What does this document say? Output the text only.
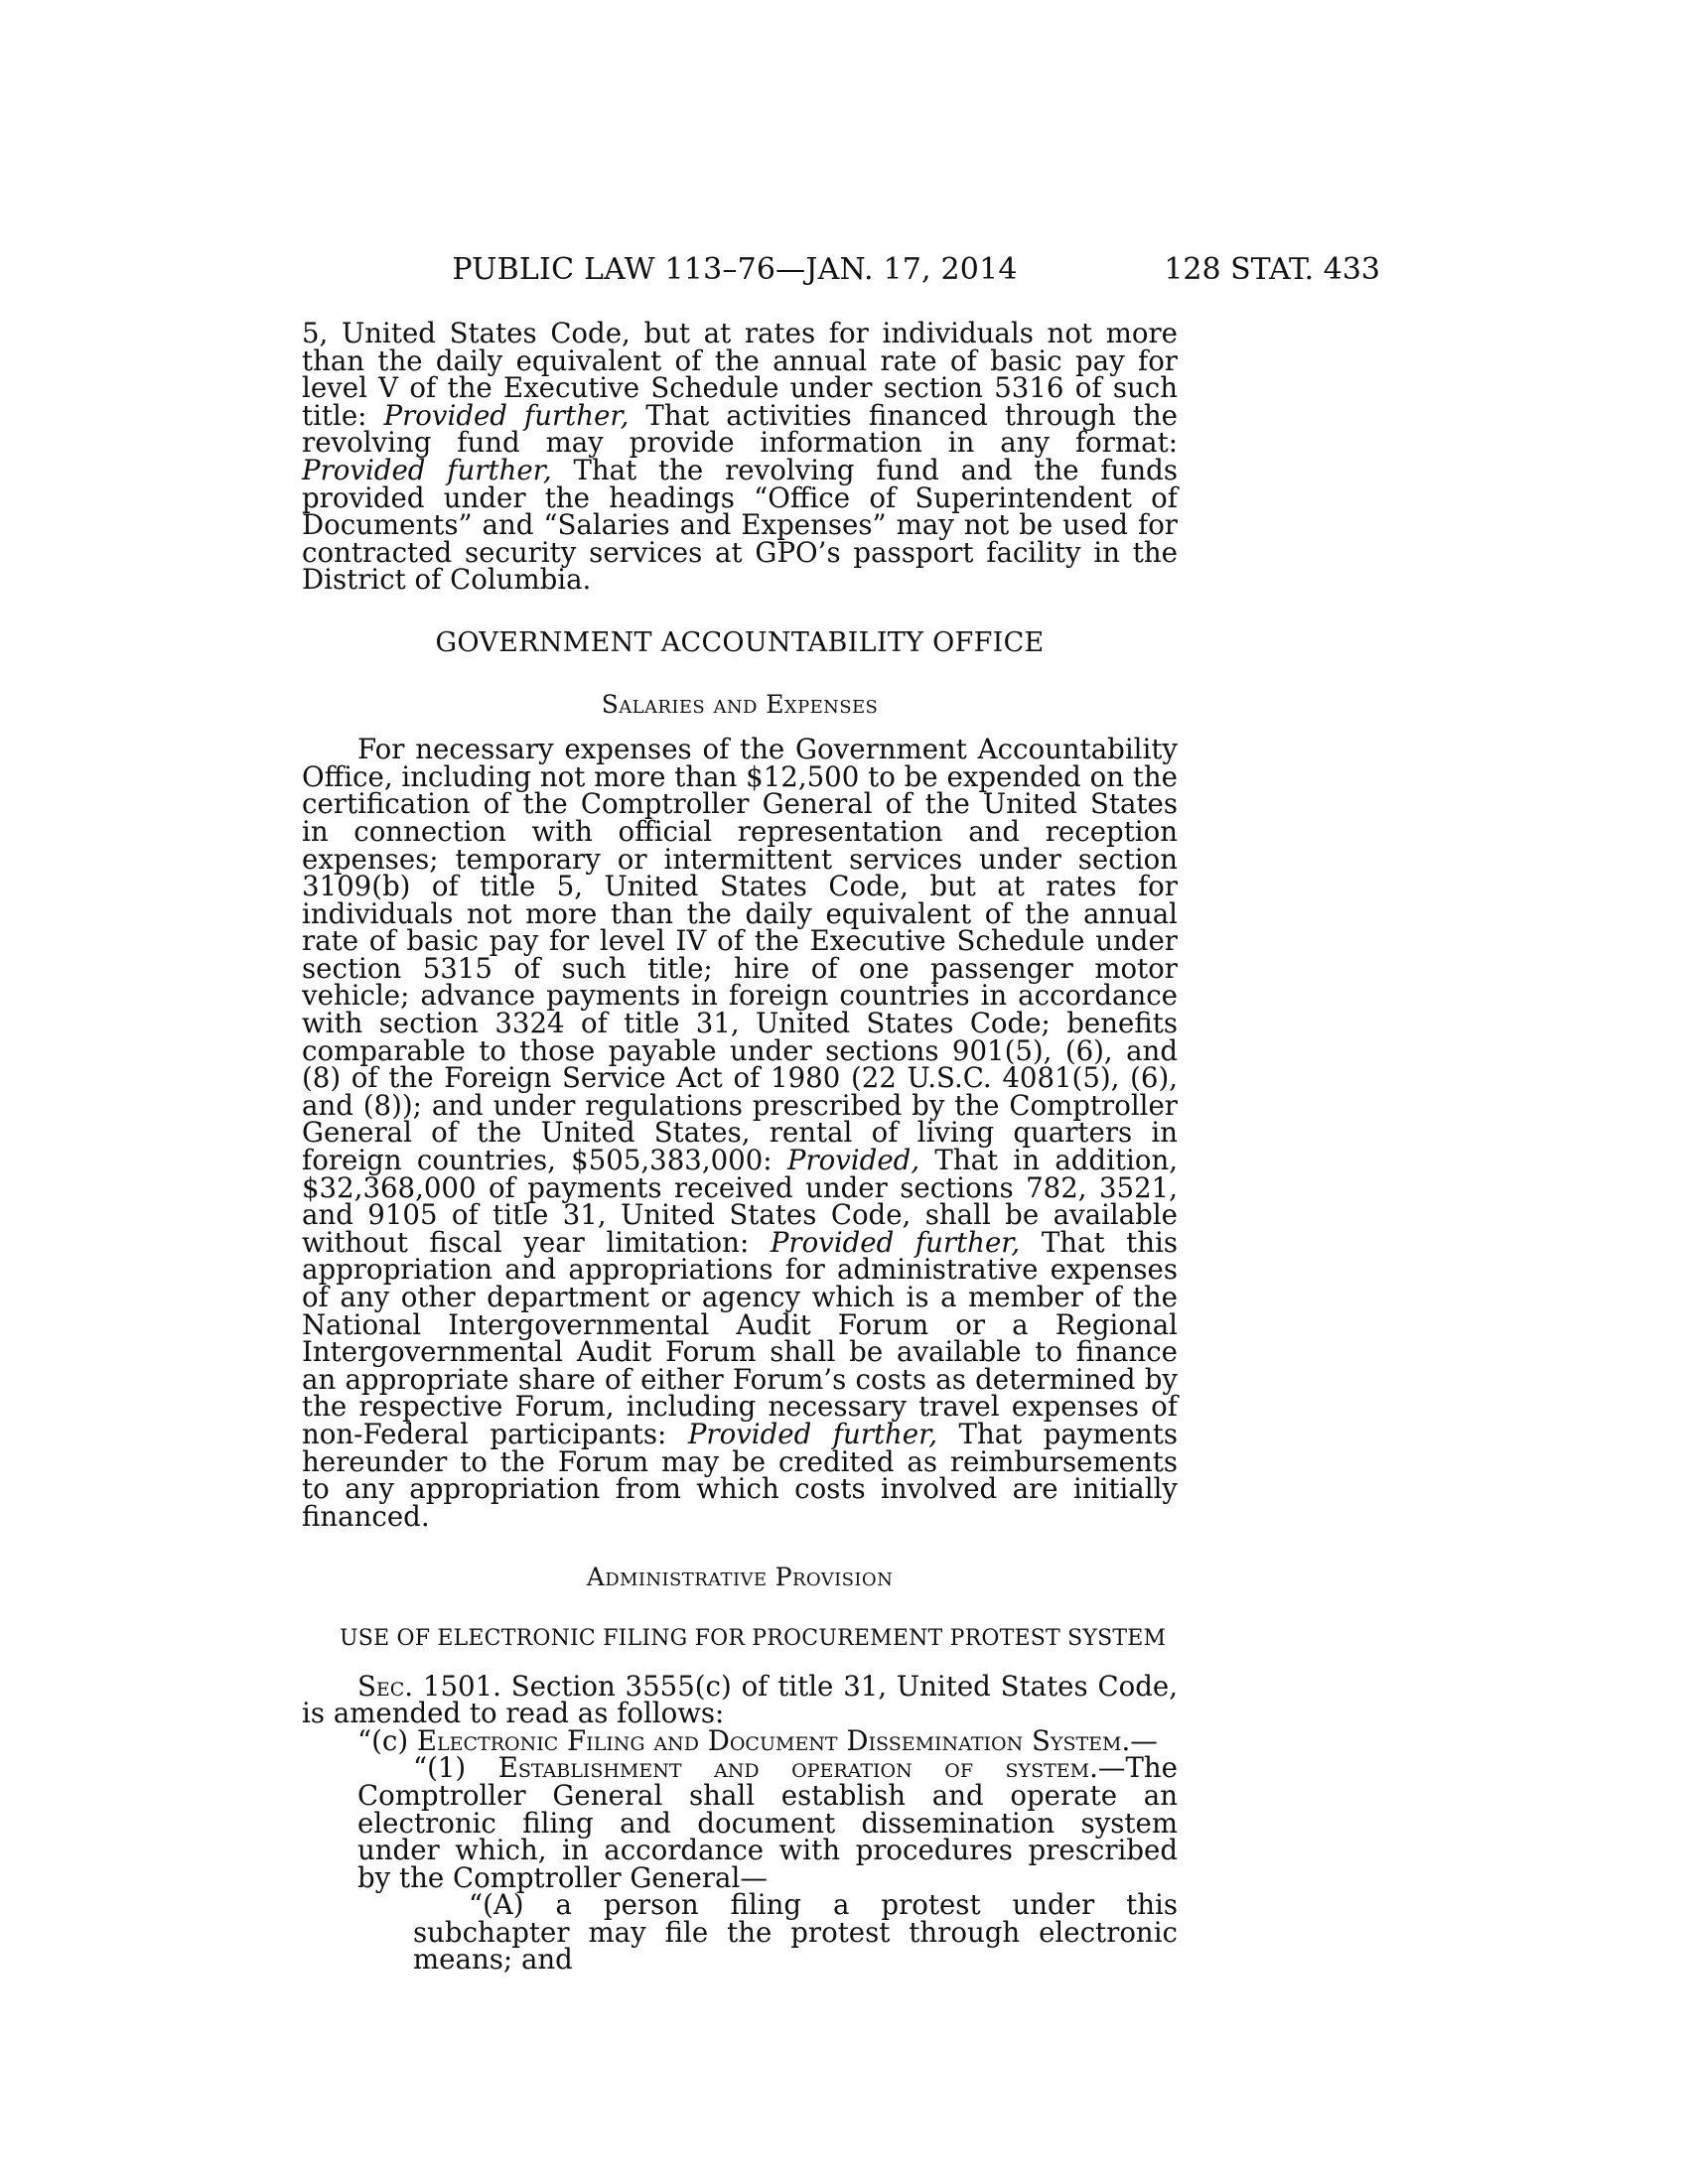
PUBLIC LAW 113–76—JAN. 17, 2014	128 STAT. 433

5, United States Code, but at rates for individuals not more than the daily equivalent of the annual rate of basic pay for level V of the Executive Schedule under section 5316 of such title: Provided further, That activities financed through the revolving fund may provide information in any format: Provided further, That the revolving fund and the funds provided under the headings “Office of Superintendent of Documents” and “Salaries and Expenses” may not be used for contracted security services at GPO’s passport facility in the District of Columbia.

GOVERNMENT ACCOUNTABILITY OFFICE

Salaries and Expenses

For necessary expenses of the Government Accountability Office, including not more than $12,500 to be expended on the certification of the Comptroller General of the United States in connection with official representation and reception expenses; temporary or intermittent services under section 3109(b) of title 5, United States Code, but at rates for individuals not more than the daily equivalent of the annual rate of basic pay for level IV of the Executive Schedule under section 5315 of such title; hire of one passenger motor vehicle; advance payments in foreign countries in accordance with section 3324 of title 31, United States Code; benefits comparable to those payable under sections 901(5), (6), and (8) of the Foreign Service Act of 1980 (22 U.S.C. 4081(5), (6), and (8)); and under regulations prescribed by the Comptroller General of the United States, rental of living quarters in foreign countries, $505,383,000: Provided, That in addition, $32,368,000 of payments received under sections 782, 3521, and 9105 of title 31, United States Code, shall be available without fiscal year limitation: Provided further, That this appropriation and appropriations for administrative expenses of any other department or agency which is a member of the National Intergovernmental Audit Forum or a Regional Intergovernmental Audit Forum shall be available to finance an appropriate share of either Forum’s costs as determined by the respective Forum, including necessary travel expenses of non-Federal participants: Provided further, That payments hereunder to the Forum may be credited as reimbursements to any appropriation from which costs involved are initially financed.

Administrative Provision

USE OF ELECTRONIC FILING FOR PROCUREMENT PROTEST SYSTEM

Sec. 1501. Section 3555(c) of title 31, United States Code, is amended to read as follows:

“(c) Electronic Filing and Document Dissemination System.—

“(1) Establishment and operation of system.—The Comptroller General shall establish and operate an electronic filing and document dissemination system under which, in accordance with procedures prescribed by the Comptroller General—

“(A) a person filing a protest under this subchapter may file the protest through electronic means; and
